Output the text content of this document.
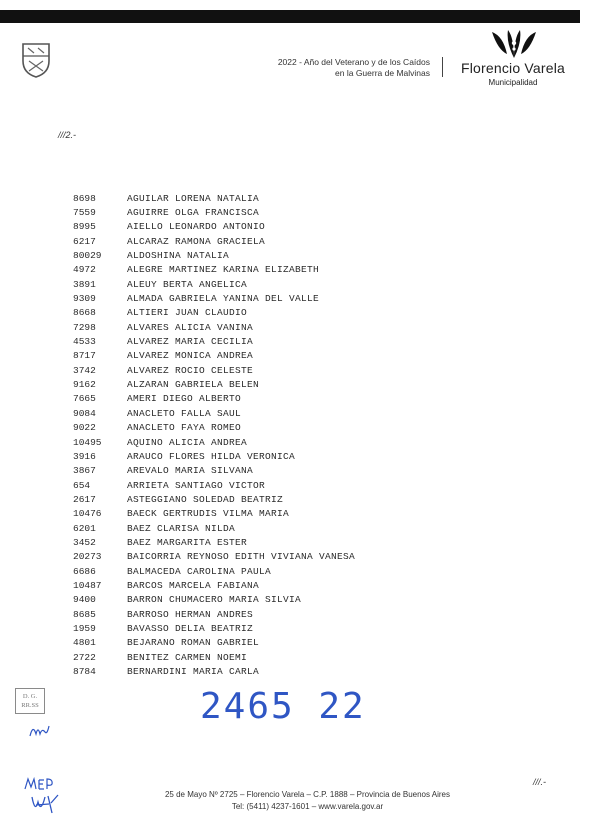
2022 - Año del Veterano y de los Caídos
en la Guerra de Malvinas	Florencio Varela
Municipalidad
///2.-
8698	AGUILAR LORENA NATALIA
7559	AGUIRRE OLGA FRANCISCA
8995	AIELLO LEONARDO ANTONIO
6217	ALCARAZ RAMONA GRACIELA
80029	ALDOSHINA NATALIA
4972	ALEGRE MARTINEZ KARINA ELIZABETH
3891	ALEUY BERTA ANGELICA
9309	ALMADA GABRIELA YANINA DEL VALLE
8668	ALTIERI JUAN CLAUDIO
7298	ALVARES ALICIA VANINA
4533	ALVAREZ MARIA CECILIA
8717	ALVAREZ MONICA ANDREA
3742	ALVAREZ ROCIO CELESTE
9162	ALZARAN GABRIELA BELEN
7665	AMERI DIEGO ALBERTO
9084	ANACLETO FALLA SAUL
9022	ANACLETO FAYA ROMEO
10495	AQUINO ALICIA ANDREA
3916	ARAUCO FLORES HILDA VERONICA
3867	AREVALO MARIA SILVANA
654	ARRIETA SANTIAGO VICTOR
2617	ASTEGGIANO SOLEDAD BEATRIZ
10476	BAECK GERTRUDIS VILMA MARIA
6201	BAEZ CLARISA NILDA
3452	BAEZ MARGARITA ESTER
20273	BAICORRIA REYNOSO EDITH VIVIANA VANESA
6686	BALMACEDA CAROLINA PAULA
10487	BARCOS MARCELA FABIANA
9400	BARRON CHUMACERO MARIA SILVIA
8685	BARROSO HERMAN ANDRES
1959	BAVASSO DELIA BEATRIZ
4801	BEJARANO ROMAN GABRIEL
2722	BENITEZ CARMEN NOEMI
8784	BERNARDINI MARIA CARLA
D. G.
RR.SS	2465 22
25 de Mayo Nº 2725 – Florencio Varela – C.P. 1888 – Provincia de Buenos Aires
Tel: (5411) 4237-1601 – www.varela.gov.ar
///.-
